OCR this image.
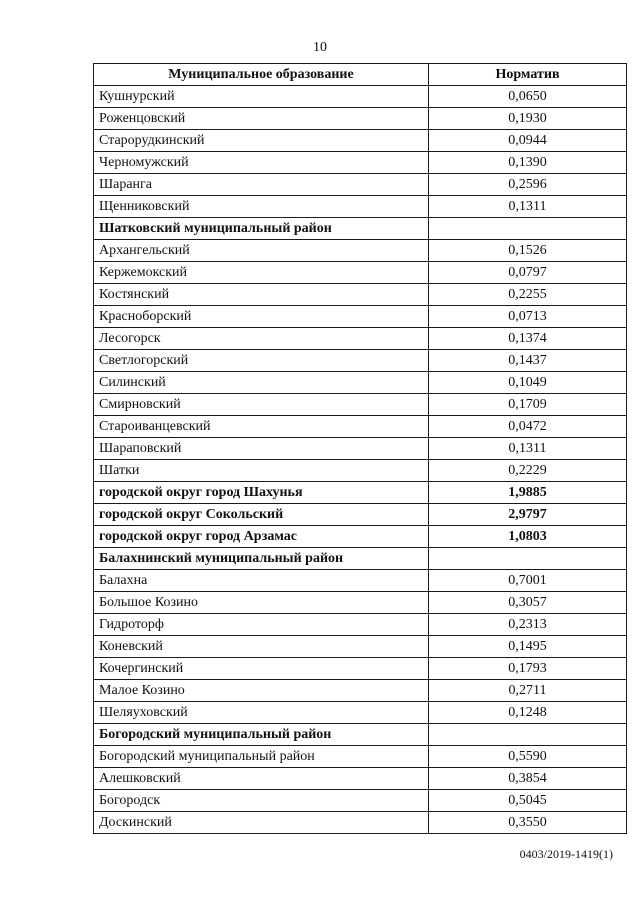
10
Муниципальное образование	Норматив
Кушнурский	0,0650
Роженцовский	0,1930
Старорудкинский	0,0944
Черномужский	0,1390
Шаранга	0,2596
Щенниковский	0,1311
Шатковский муниципальный район	
Архангельский	0,1526
Кержемокский	0,0797
Костянский	0,2255
Красноборский	0,0713
Лесогорск	0,1374
Светлогорский	0,1437
Силинский	0,1049
Смирновский	0,1709
Староиванцевский	0,0472
Шараповский	0,1311
Шатки	0,2229
городской округ город Шахунья	1,9885
городской округ Сокольский	2,9797
городской округ город Арзамас	1,0803
Балахнинский муниципальный район	
Балахна	0,7001
Большое Козино	0,3057
Гидроторф	0,2313
Коневский	0,1495
Кочергинский	0,1793
Малое Козино	0,2711
Шеляуховский	0,1248
Богородский муниципальный район	
Богородский муниципальный район	0,5590
Алешковский	0,3854
Богородск	0,5045
Доскинский	0,3550
0403/2019-1419(1)
